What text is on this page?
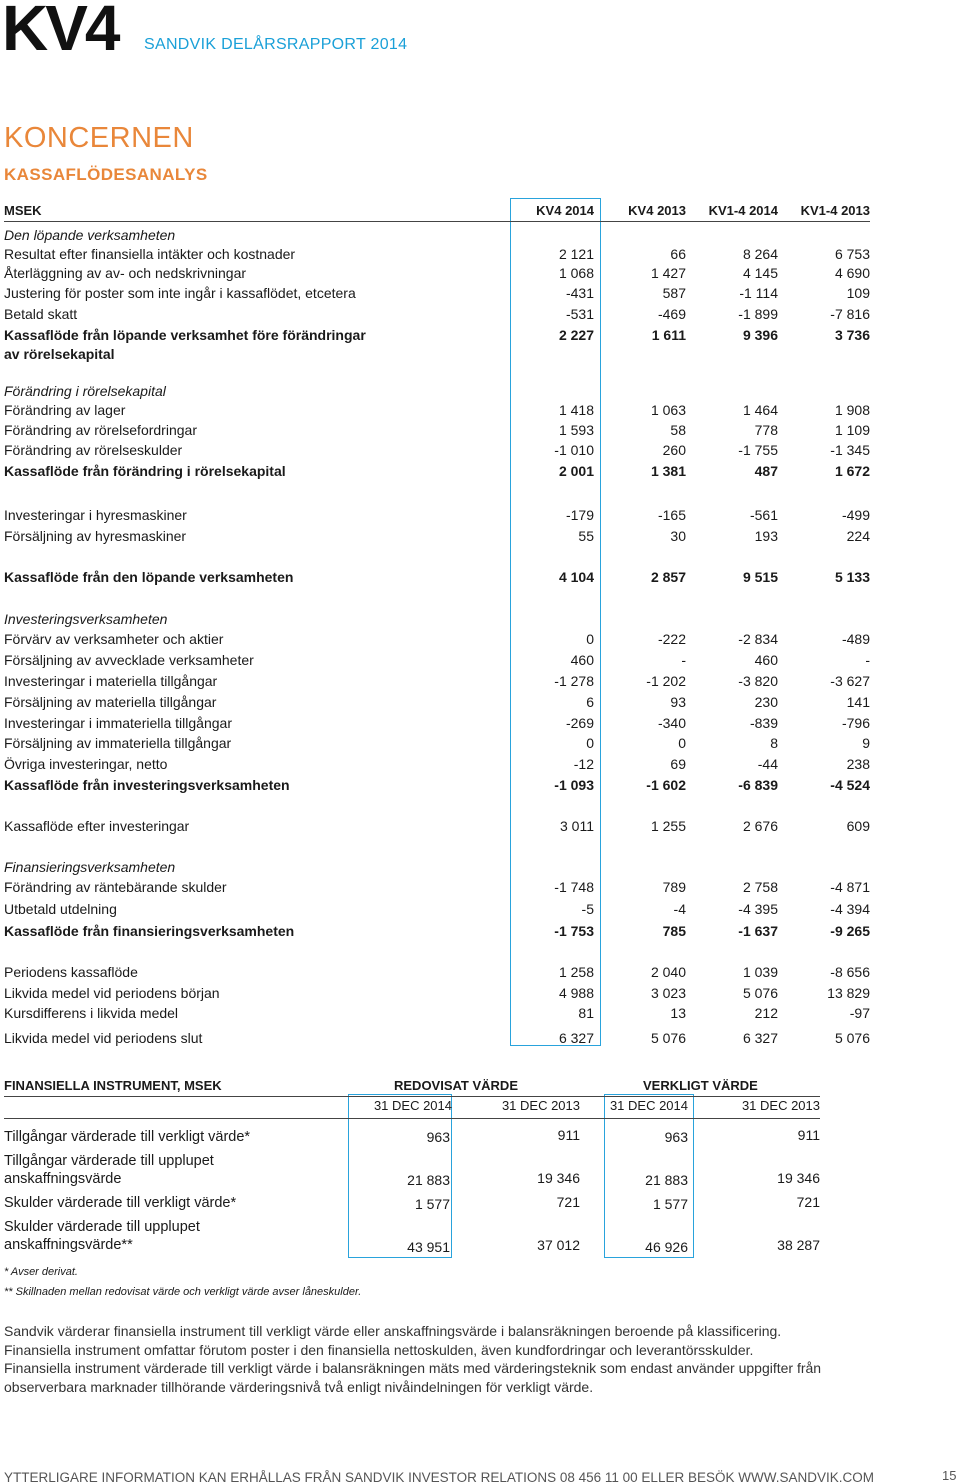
KV4 SANDVIK DELÅRSRAPPORT 2014
KONCERNEN
KASSAFLÖDESANALYS
MSEK	KV4 2014	KV4 2013	KV1-4 2014	KV1-4 2013
Den löpande verksamheten
Resultat efter finansiella intäkter och kostnader	2 121	66	8 264	6 753
Återläggning av av- och nedskrivningar	1 068	1 427	4 145	4 690
Justering för poster som inte ingår i kassaflödet, etcetera	-431	587	-1 114	109
Betald skatt	-531	-469	-1 899	-7 816
Kassaflöde från löpande verksamhet före förändringar
av rörelsekapital
2 227	1 611	9 396	3 736
Förändring i rörelsekapital
Förändring av lager	1 418	1 063	1 464	1 908
Förändring av rörelsefordringar	1 593	58	778	1 109
Förändring av rörelseskulder	-1 010	260	-1 755	-1 345
Kassaflöde från förändring i rörelsekapital	2 001	1 381	487	1 672
Investeringar i hyresmaskiner	-179	-165	-561	-499
Försäljning av hyresmaskiner	55	30	193	224
Kassaflöde från den löpande verksamheten	4 104	2 857	9 515	5 133
Investeringsverksamheten
Förvärv av verksamheter och aktier	0	-222	-2 834	-489
Försäljning av avvecklade verksamheter	460	-	460	-
Investeringar i materiella tillgångar	-1 278	-1 202	-3 820	-3 627
Försäljning av materiella tillgångar	6	93	230	141
Investeringar i immateriella tillgångar	-269	-340	-839	-796
Försäljning av immateriella tillgångar	0	0	8	9
Övriga investeringar, netto	-12	69	-44	238
Kassaflöde från investeringsverksamheten	-1 093	-1 602	-6 839	-4 524
Kassaflöde efter investeringar	3 011	1 255	2 676	609
Finansieringsverksamheten
Förändring av räntebärande skulder	-1 748	789	2 758	-4 871
Utbetald utdelning	-5	-4	-4 395	-4 394
Kassaflöde från finansieringsverksamheten	-1 753	785	-1 637	-9 265
Periodens kassaflöde	1 258	2 040	1 039	-8 656
Likvida medel vid periodens början	4 988	3 023	5 076	13 829
Kursdifferens i likvida medel	81	13	212	-97
Likvida medel vid periodens slut	6 327	5 076	6 327	5 076
FINANSIELLA INSTRUMENT, MSEK	REDOVISAT VÄRDE	VERKLIGT VÄRDE
31 DEC 2014	31 DEC 2013	31 DEC 2014	31 DEC 2013
Tillgångar värderade till verkligt värde*	963	911	963	911
Tillgångar värderade till upplupet
anskaffningsvärde	21 883	19 346	21 883	19 346
Skulder värderade till verkligt värde*	1 577	721	1 577	721
Skulder värderade till upplupet
anskaffningsvärde**	43 951	37 012	46 926	38 287
* Avser derivat.
** Skillnaden mellan redovisat värde och verkligt värde avser låneskulder.
Sandvik värderar finansiella instrument till verkligt värde eller anskaffningsvärde i balansräkningen beroende på klassificering. Finansiella instrument omfattar förutom poster i den finansiella nettoskulden, även kundfordringar och leverantörsskulder. Finansiella instrument värderade till verkligt värde i balansräkningen mäts med värderingsteknik som endast använder uppgifter från observerbara marknader tillhörande värderingsnivå två enligt nivåindelningen för verkligt värde.
YTTERLIGARE INFORMATION KAN ERHÅLLAS FRÅN SANDVIK INVESTOR RELATIONS 08 456 11 00 ELLER BESÖK WWW.SANDVIK.COM	15
